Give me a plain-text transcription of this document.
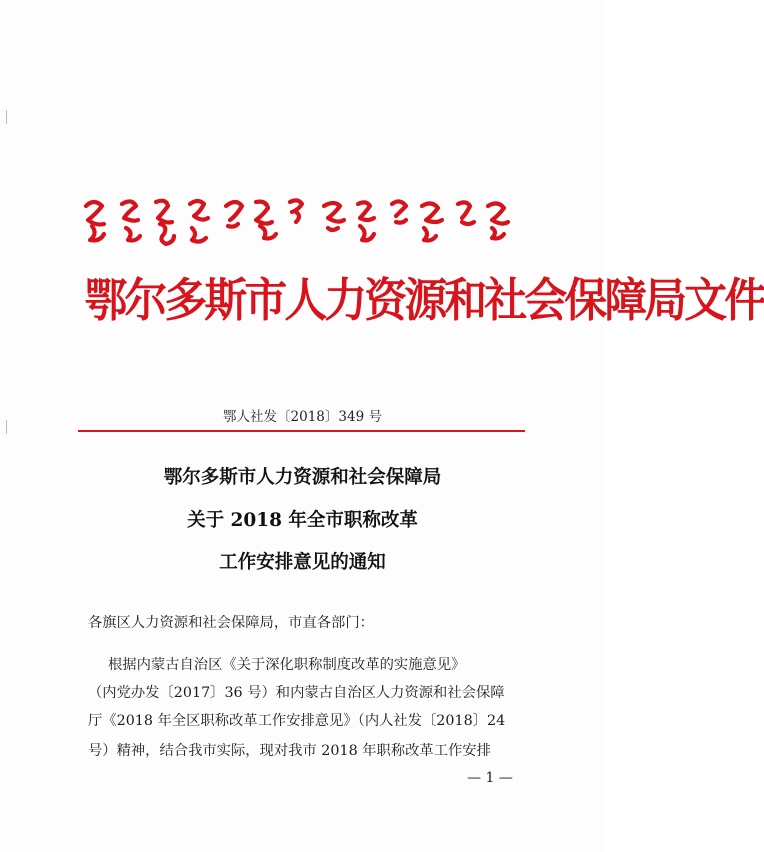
鄂尔多斯市人力资源和社会保障局文件
鄂人社发〔2018〕349 号
鄂尔多斯市人力资源和社会保障局
关于 2018 年全市职称改革
工作安排意见的通知
各旗区人力资源和社会保障局，市直各部门：
根据内蒙古自治区《关于深化职称制度改革的实施意见》
（内党办发〔2017〕36 号）和内蒙古自治区人力资源和社会保障
厅《2018 年全区职称改革工作安排意见》（内人社发〔2018〕24
号）精神，结合我市实际，现对我市 2018 年职称改革工作安排
— 1 —
